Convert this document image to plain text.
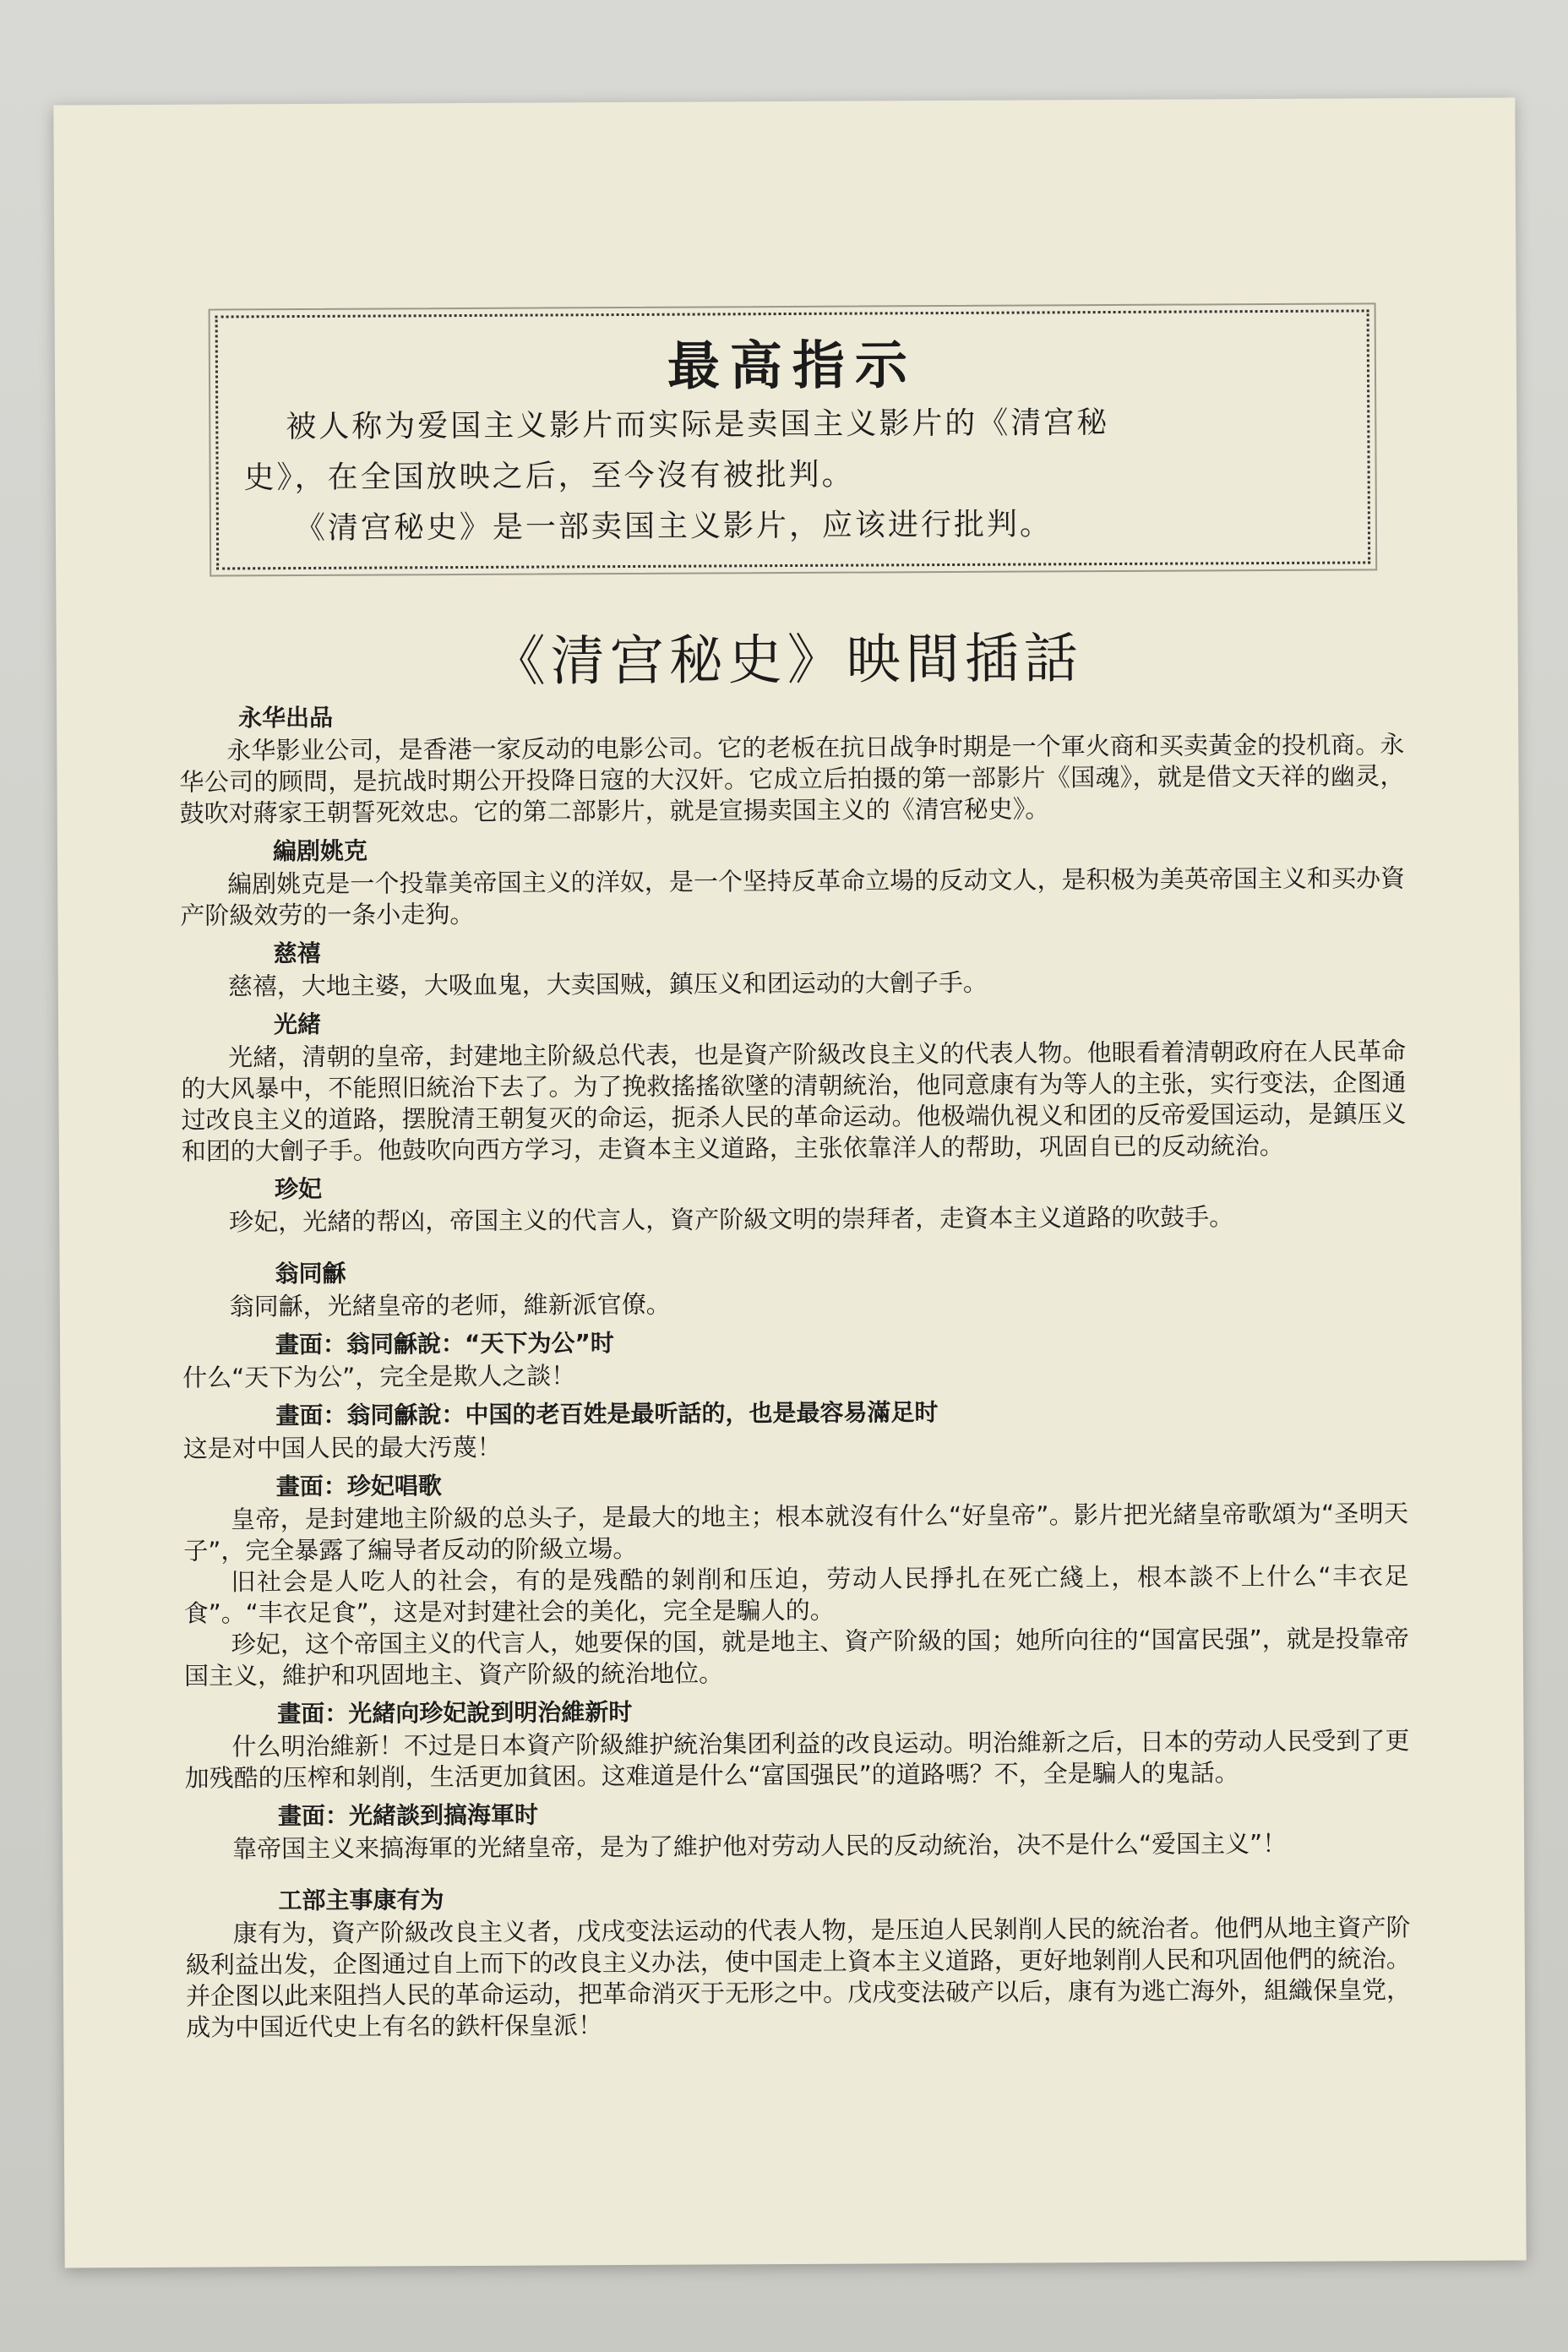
最高指示
被人称为爱国主义影片而实际是卖国主义影片的《清宫秘
史》，在全国放映之后，至今沒有被批判。
《清宫秘史》是一部卖国主义影片，应该进行批判。
《清宫秘史》映間插話
永华出品

永华影业公司，是香港一家反动的电影公司。它的老板在抗日战争时期是一个軍火商和买卖黃金的投机商。永华公司的顾問，是抗战时期公开投降日寇的大汉奸。它成立后拍摄的第一部影片《国魂》，就是借文天祥的幽灵，鼓吹对蔣家王朝誓死效忠。它的第二部影片，就是宣揚卖国主义的《清宫秘史》。

編剧姚克

編剧姚克是一个投靠美帝国主义的洋奴，是一个坚持反革命立場的反动文人，是积极为美英帝国主义和买办資产阶級效劳的一条小走狗。

慈禧

慈禧，大地主婆，大吸血鬼，大卖国贼，鎮压义和团运动的大劊子手。

光緒

光緒，清朝的皇帝，封建地主阶級总代表，也是資产阶級改良主义的代表人物。他眼看着清朝政府在人民革命的大风暴中，不能照旧統治下去了。为了挽救搖搖欲墜的清朝統治，他同意康有为等人的主张，实行变法，企图通过改良主义的道路，摆脫清王朝复灭的命运，扼杀人民的革命运动。他极端仇視义和团的反帝爱国运动，是鎮压义和团的大劊子手。他鼓吹向西方学习，走資本主义道路，主张依靠洋人的帮助，巩固自已的反动統治。

珍妃

珍妃，光緒的帮凶，帝国主义的代言人，資产阶級文明的崇拜者，走資本主义道路的吹鼓手。

翁同龢

翁同龢，光緒皇帝的老师，維新派官僚。

畫面：翁同龢說：“天下为公”时

什么“天下为公”，完全是欺人之談！

畫面：翁同龢說：中国的老百姓是最听話的，也是最容易滿足时

这是对中国人民的最大汚蔑！

畫面：珍妃唱歌

皇帝，是封建地主阶級的总头子，是最大的地主；根本就沒有什么“好皇帝”。影片把光緒皇帝歌頌为“圣明天子”，完全暴露了編导者反动的阶級立場。

旧社会是人吃人的社会，有的是残酷的剝削和压迫，劳动人民掙扎在死亡綫上，根本談不上什么“丰衣足食”。“丰衣足食”，这是对封建社会的美化，完全是騙人的。

珍妃，这个帝国主义的代言人，她要保的国，就是地主、資产阶級的国；她所向往的“国富民强”，就是投靠帝国主义，維护和巩固地主、資产阶級的統治地位。

畫面：光緒向珍妃說到明治維新时

什么明治維新！不过是日本資产阶級維护統治集团利益的改良运动。明治維新之后，日本的劳动人民受到了更加残酷的压榨和剝削，生活更加貧困。这难道是什么“富国强民”的道路嗎？不，全是騙人的鬼話。

畫面：光緒談到搞海軍时

靠帝国主义来搞海軍的光緒皇帝，是为了維护他对劳动人民的反动統治，决不是什么“爱国主义”！

工部主事康有为

康有为，資产阶級改良主义者，戊戌变法运动的代表人物，是压迫人民剝削人民的統治者。他們从地主資产阶級利益出发，企图通过自上而下的改良主义办法，使中国走上資本主义道路，更好地剝削人民和巩固他們的統治。并企图以此来阻挡人民的革命运动，把革命消灭于无形之中。戊戌变法破产以后，康有为逃亡海外，組織保皇党，成为中国近代史上有名的鉄杆保皇派！
